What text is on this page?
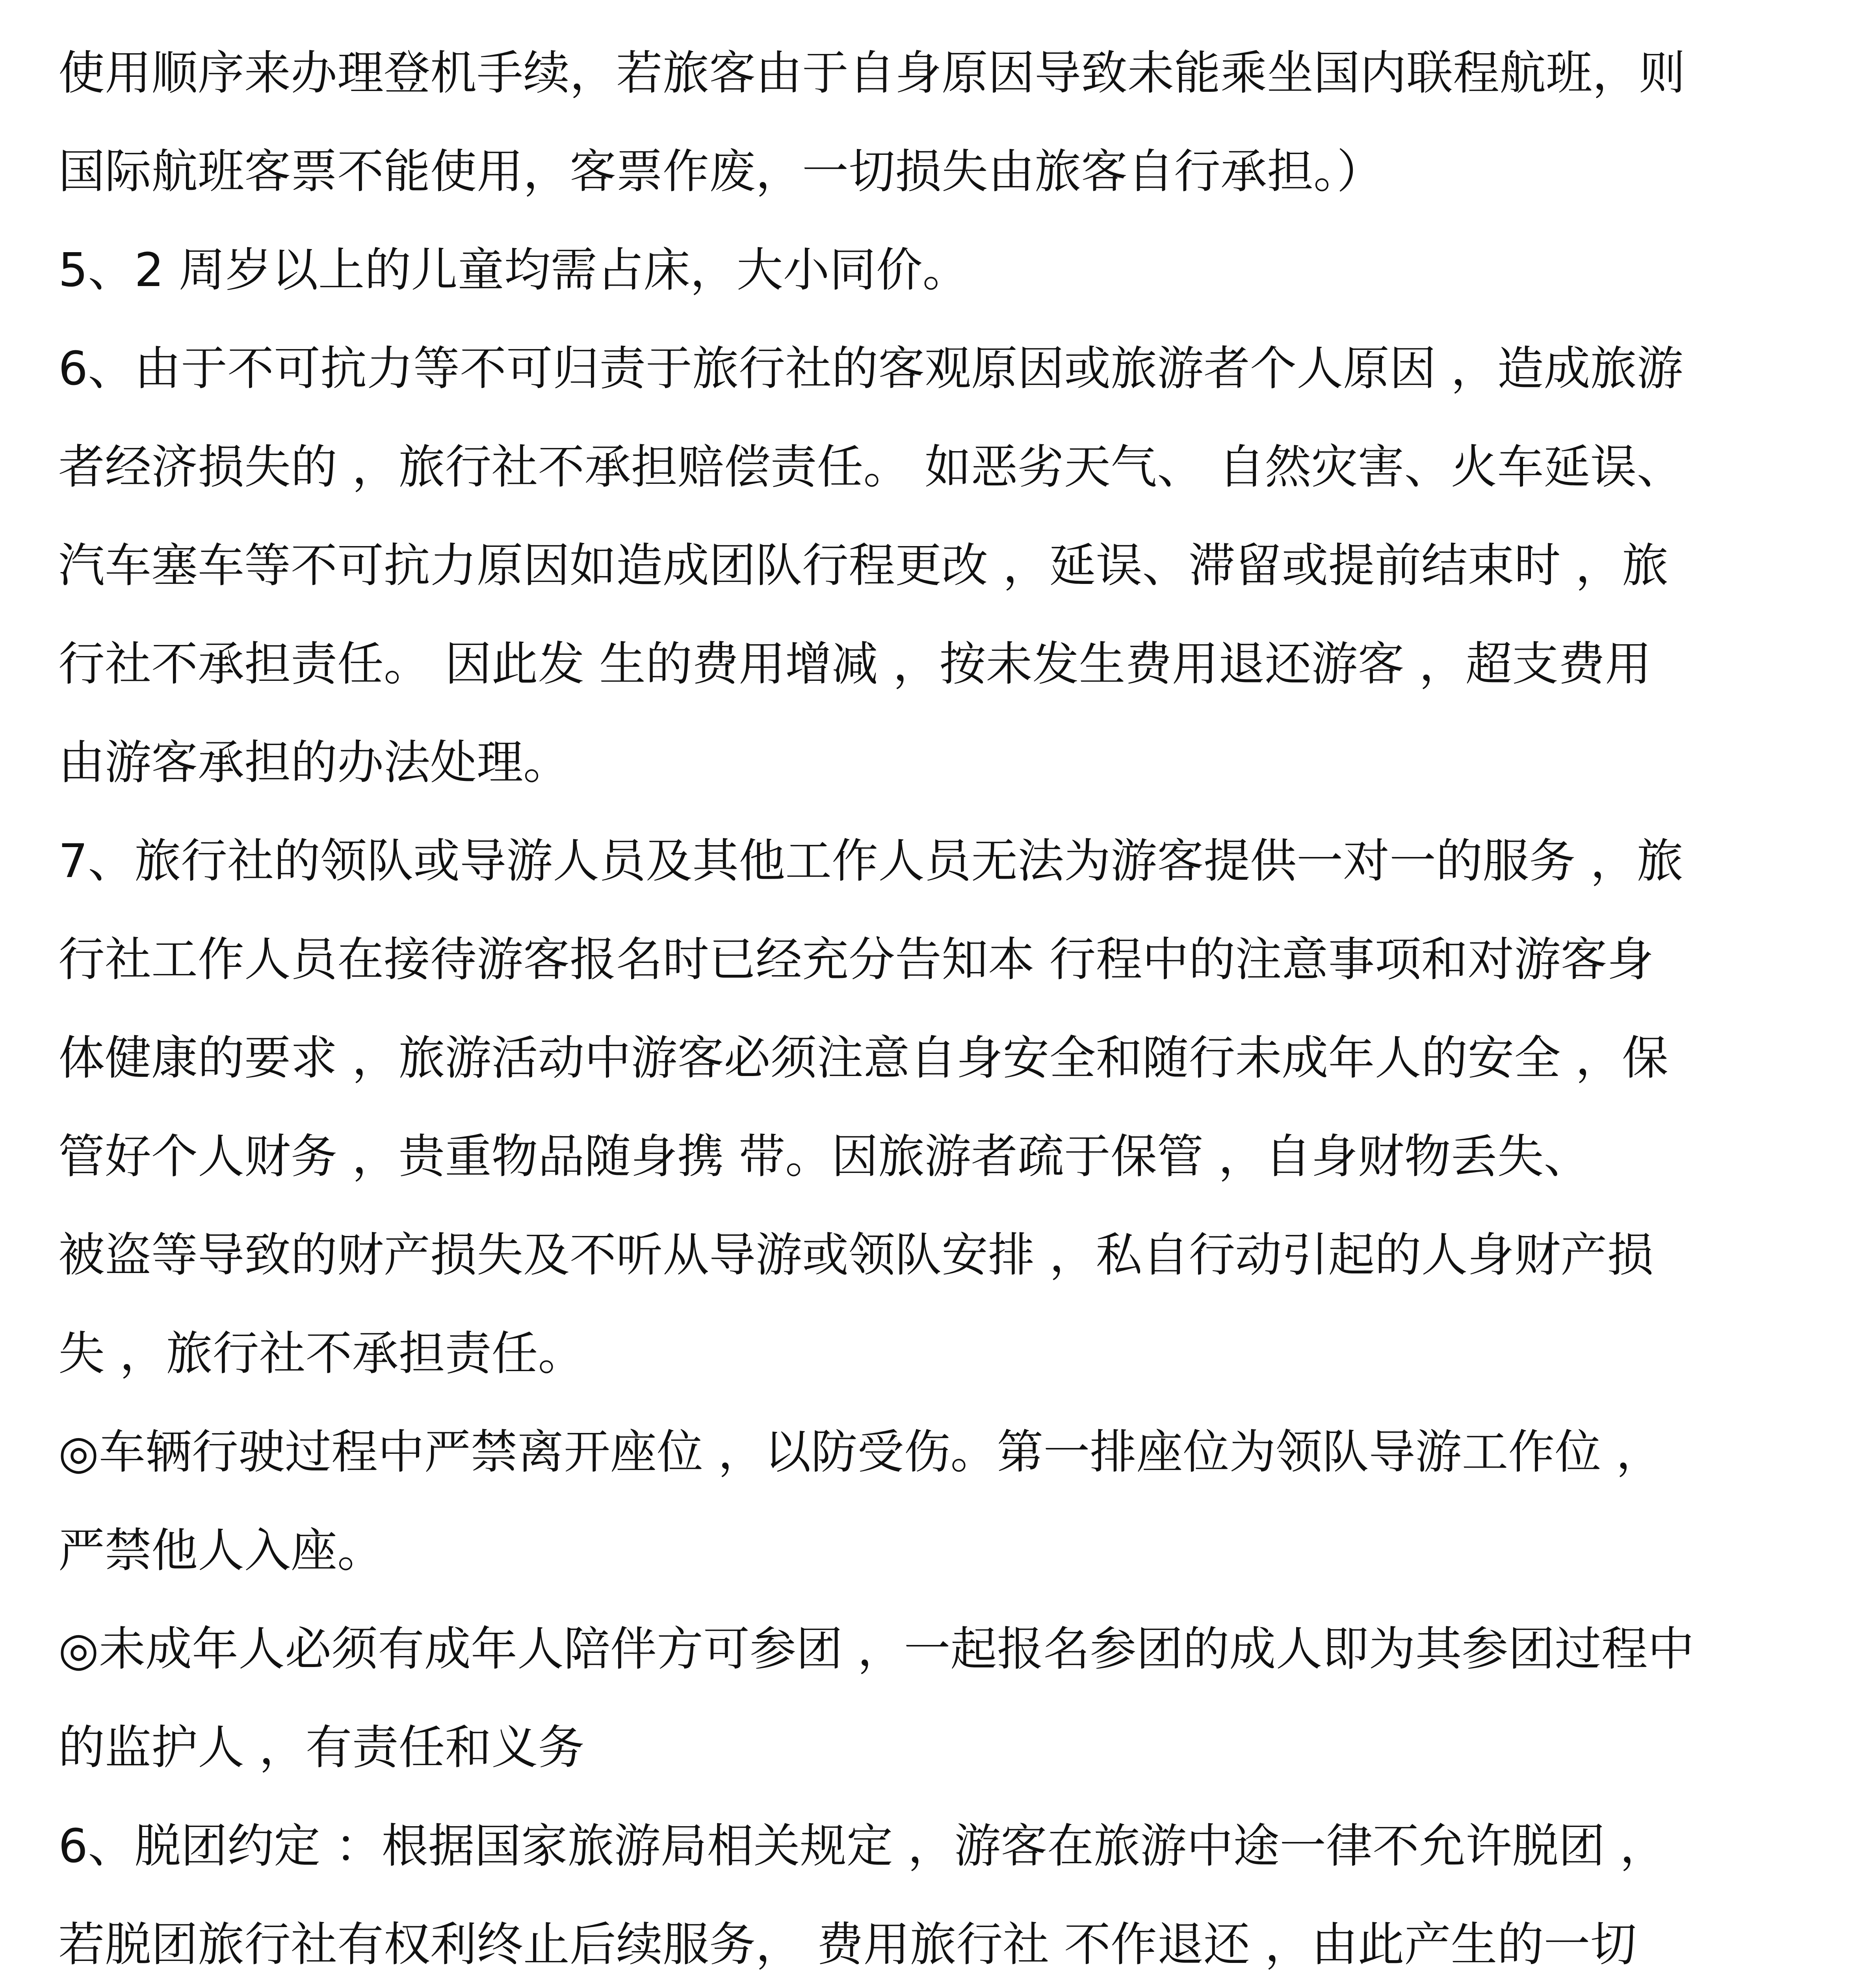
使用顺序来办理登机手续，若旅客由于自身原因导致未能乘坐国内联程航班，则
国际航班客票不能使用，客票作废，一切损失由旅客自行承担。）
5、2 周岁以上的儿童均需占床，大小同价。
6、由于不可抗力等不可归责于旅行社的客观原因或旅游者个人原因 ，造成旅游
者经济损失的 ，旅行社不承担赔偿责任。 如恶劣天气、 自然灾害、火车延误、
汽车塞车等不可抗力原因如造成团队行程更改 ，延误、滞留或提前结束时 ，旅
行社不承担责任。 因此发 生的费用增减 ，按未发生费用退还游客 ，超支费用
由游客承担的办法处理。
7、旅行社的领队或导游人员及其他工作人员无法为游客提供一对一的服务 ，旅
行社工作人员在接待游客报名时已经充分告知本 行程中的注意事项和对游客身
体健康的要求 ，旅游活动中游客必须注意自身安全和随行未成年人的安全 ，保
管好个人财务 ，贵重物品随身携 带。因旅游者疏于保管 ，自身财物丢失、
被盗等导致的财产损失及不听从导游或领队安排 ，私自行动引起的人身财产损
失 ，旅行社不承担责任。
◎车辆行驶过程中严禁离开座位 ，以防受伤。第一排座位为领队导游工作位 ，
严禁他人入座。
◎未成年人必须有成年人陪伴方可参团 ，一起报名参团的成人即为其参团过程中
的监护人 ，有责任和义务
6、脱团约定 ：根据国家旅游局相关规定 ，游客在旅游中途一律不允许脱团 ，
若脱团旅行社有权利终止后续服务， 费用旅行社 不作退还 ，由此产生的一切
